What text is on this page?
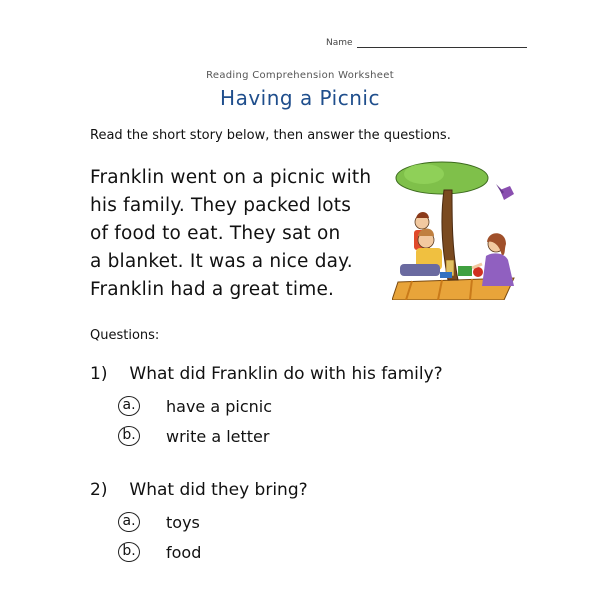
Name
Reading Comprehension Worksheet
Having a Picnic
Read the short story below, then answer the questions.

Franklin went on a picnic with

his family. They packed lots

of food to eat. They sat on

a blanket. It was a nice day.

Franklin had a great time.

Questions:
1) What did Franklin do with his family?
a. have a picnic
b. write a letter
2) What did they bring?
a. toys
b. food
